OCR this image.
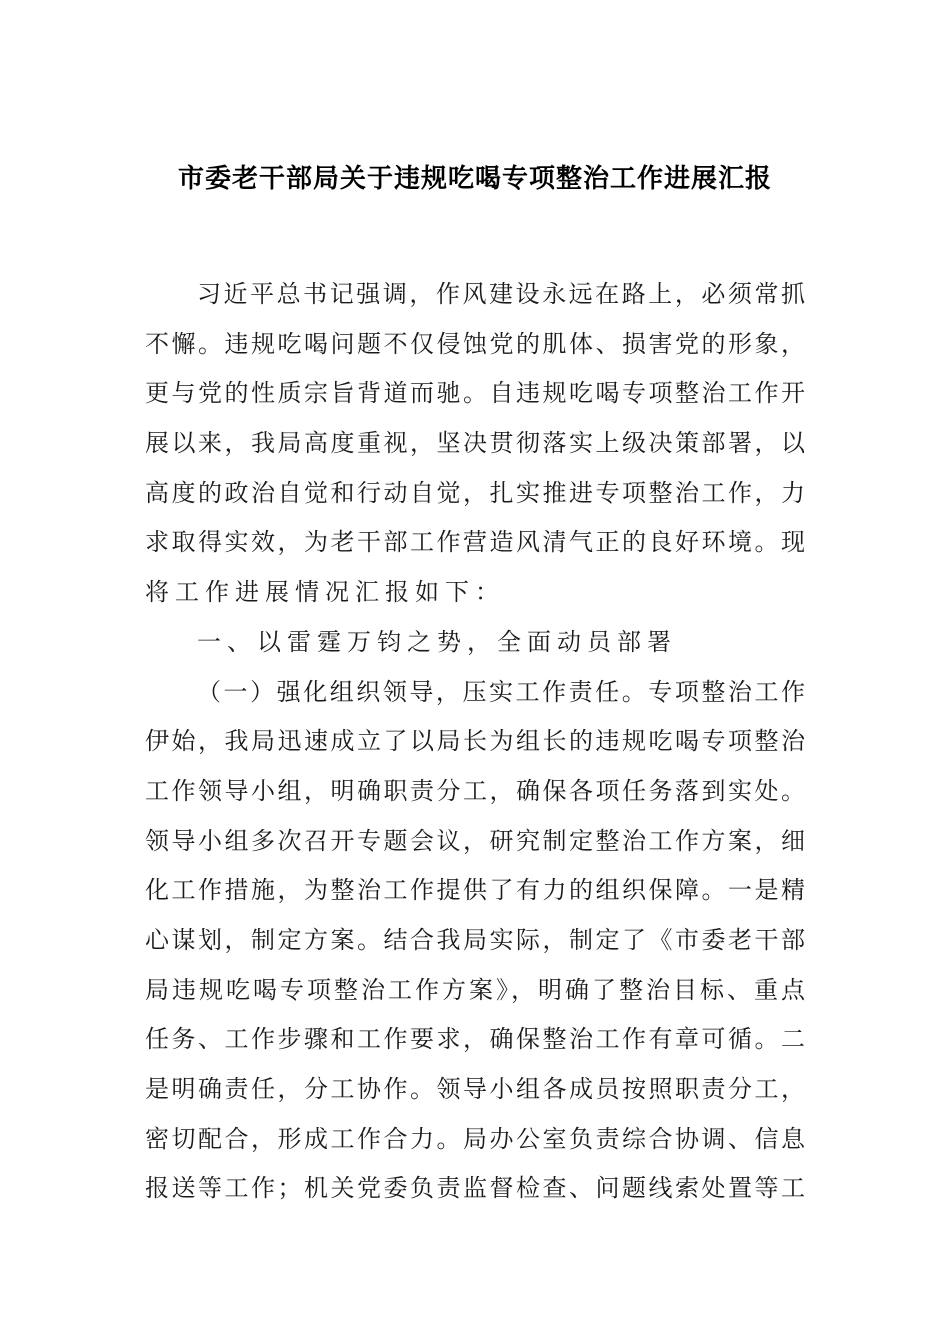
市委老干部局关于违规吃喝专项整治工作进展汇报
习近平总书记强调，作风建设永远在路上，必须常抓
不懈。违规吃喝问题不仅侵蚀党的肌体、损害党的形象，
更与党的性质宗旨背道而驰。自违规吃喝专项整治工作开
展以来，我局高度重视，坚决贯彻落实上级决策部署，以
高度的政治自觉和行动自觉，扎实推进专项整治工作，力
求取得实效，为老干部工作营造风清气正的良好环境。现
将工作进展情况汇报如下：
一、以雷霆万钧之势，全面动员部署
（一）强化组织领导，压实工作责任。专项整治工作
伊始，我局迅速成立了以局长为组长的违规吃喝专项整治
工作领导小组，明确职责分工，确保各项任务落到实处。
领导小组多次召开专题会议，研究制定整治工作方案，细
化工作措施，为整治工作提供了有力的组织保障。一是精
心谋划，制定方案。结合我局实际，制定了《市委老干部
局违规吃喝专项整治工作方案》，明确了整治目标、重点
任务、工作步骤和工作要求，确保整治工作有章可循。二
是明确责任，分工协作。领导小组各成员按照职责分工，
密切配合，形成工作合力。局办公室负责综合协调、信息
报送等工作；机关党委负责监督检查、问题线索处置等工
